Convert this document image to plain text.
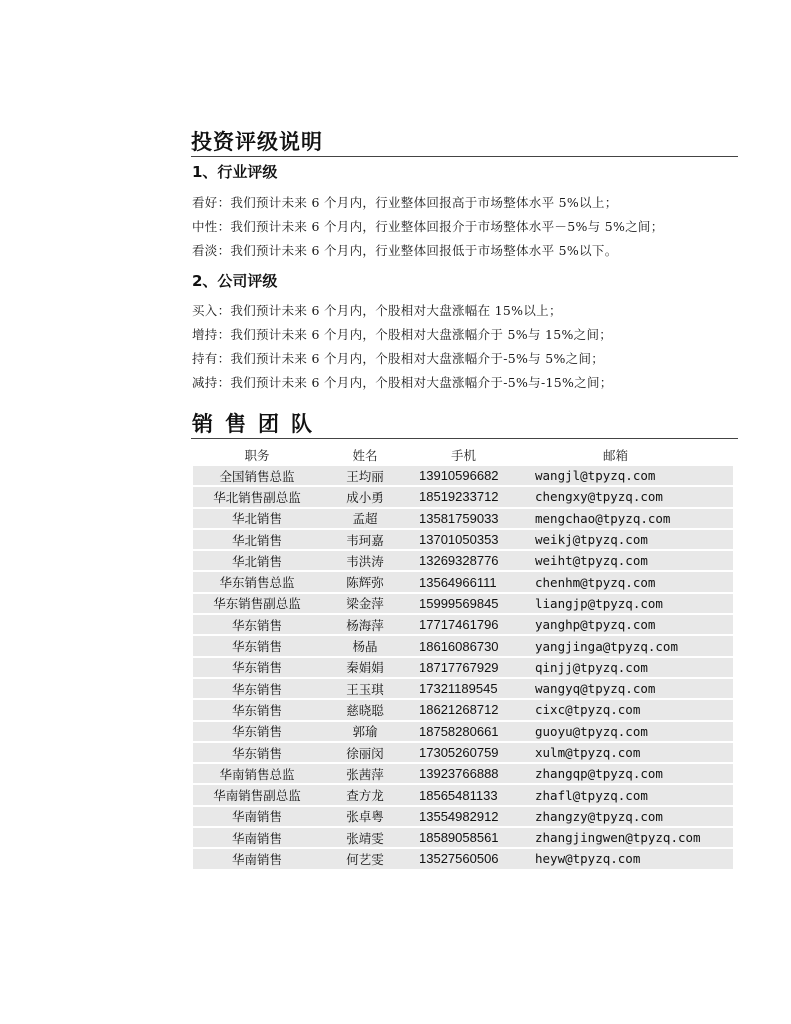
投资评级说明
1、行业评级
看好：我们预计未来 6 个月内，行业整体回报高于市场整体水平 5%以上；
中性：我们预计未来 6 个月内，行业整体回报介于市场整体水平－5%与 5%之间；
看淡：我们预计未来 6 个月内，行业整体回报低于市场整体水平 5%以下。
2、公司评级
买入：我们预计未来 6 个月内，个股相对大盘涨幅在 15%以上；
增持：我们预计未来 6 个月内，个股相对大盘涨幅介于 5%与 15%之间；
持有：我们预计未来 6 个月内，个股相对大盘涨幅介于-5%与 5%之间；
减持：我们预计未来 6 个月内，个股相对大盘涨幅介于-5%与-15%之间；
销售团队
职务	姓名	手机	邮箱
全国销售总监	王均丽	13910596682	wangjl@tpyzq.com
华北销售副总监	成小勇	18519233712	chengxy@tpyzq.com
华北销售	孟超	13581759033	mengchao@tpyzq.com
华北销售	韦珂嘉	13701050353	weikj@tpyzq.com
华北销售	韦洪涛	13269328776	weiht@tpyzq.com
华东销售总监	陈辉弥	13564966111	chenhm@tpyzq.com
华东销售副总监	梁金萍	15999569845	liangjp@tpyzq.com
华东销售	杨海萍	17717461796	yanghp@tpyzq.com
华东销售	杨晶	18616086730	yangjinga@tpyzq.com
华东销售	秦娟娟	18717767929	qinjj@tpyzq.com
华东销售	王玉琪	17321189545	wangyq@tpyzq.com
华东销售	慈晓聪	18621268712	cixc@tpyzq.com
华东销售	郭瑜	18758280661	guoyu@tpyzq.com
华东销售	徐丽闵	17305260759	xulm@tpyzq.com
华南销售总监	张茜萍	13923766888	zhangqp@tpyzq.com
华南销售副总监	查方龙	18565481133	zhafl@tpyzq.com
华南销售	张卓粤	13554982912	zhangzy@tpyzq.com
华南销售	张靖雯	18589058561	zhangjingwen@tpyzq.com
华南销售	何艺雯	13527560506	heyw@tpyzq.com
